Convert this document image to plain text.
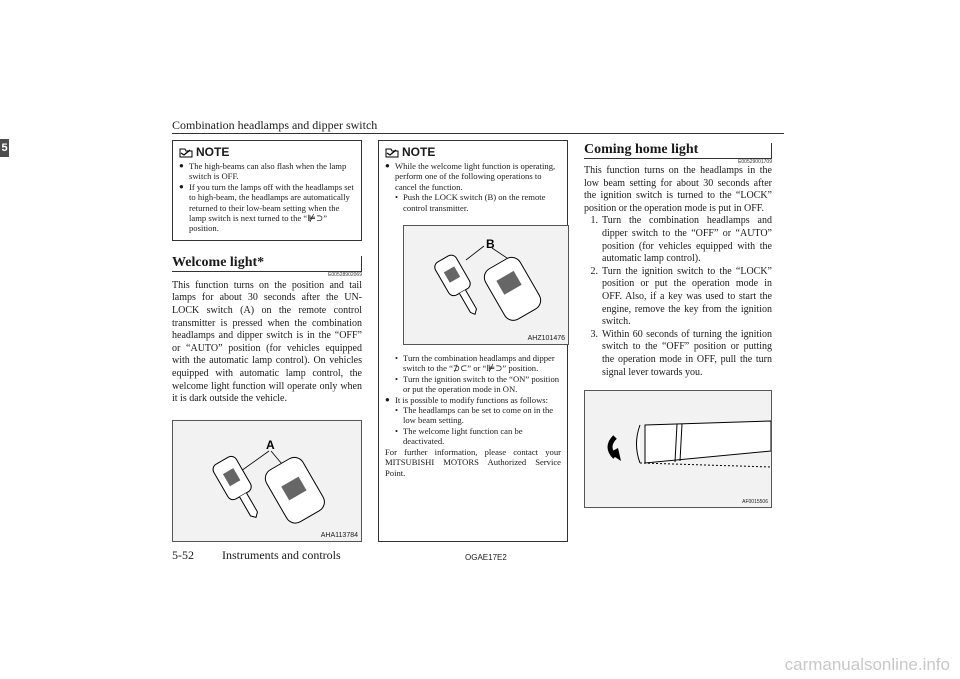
Combination headlamps and dipper switch
5	NOTE
● The high-beams can also flash when the lamp switch is OFF.
● If you turn the lamps off with the headlamps set to high-beam, the headlamps are automatically returned to their low-beam setting when the lamp switch is next turned to the “⊯⊃” position.
Welcome light*
E00528902069
This function turns on the position and tail lamps for about 30 seconds after the UN-LOCK switch (A) on the remote control transmitter is pressed when the combination headlamps and dipper switch is in the “OFF” or “AUTO” position (for vehicles equipped with the automatic lamp control). On vehicles equipped with automatic lamp control, the welcome light function will operate only when it is dark outside the vehicle.
A
AHA113784
NOTE
● While the welcome light function is operating, perform one of the following operations to cancel the function.
• Push the LOCK switch (B) on the remote control transmitter.
B
AHZ101476
• Turn the combination headlamps and dipper switch to the “⊅⊂” or “⊯⊃” position.
• Turn the ignition switch to the “ON” position or put the operation mode in ON.
● It is possible to modify functions as follows:
• The headlamps can be set to come on in the low beam setting.
• The welcome light function can be deactivated.
For further information, please contact your MITSUBISHI MOTORS Authorized Service Point.
Coming home light
E00529001709
This function turns on the headlamps in the low beam setting for about 30 seconds after the ignition switch is turned to the “LOCK” position or the operation mode is put in OFF.
1. Turn the combination headlamps and dipper switch to the “OFF” or “AUTO” position (for vehicles equipped with the automatic lamp control).
2. Turn the ignition switch to the “LOCK” position or put the operation mode in OFF. Also, if a key was used to start the engine, remove the key from the ignition switch.
3. Within 60 seconds of turning the ignition switch to the “OFF” position or putting the operation mode in OFF, pull the turn signal lever towards you.
AF0015506
5-52 Instruments and controls	OGAE17E2
carmanualsonline.info
